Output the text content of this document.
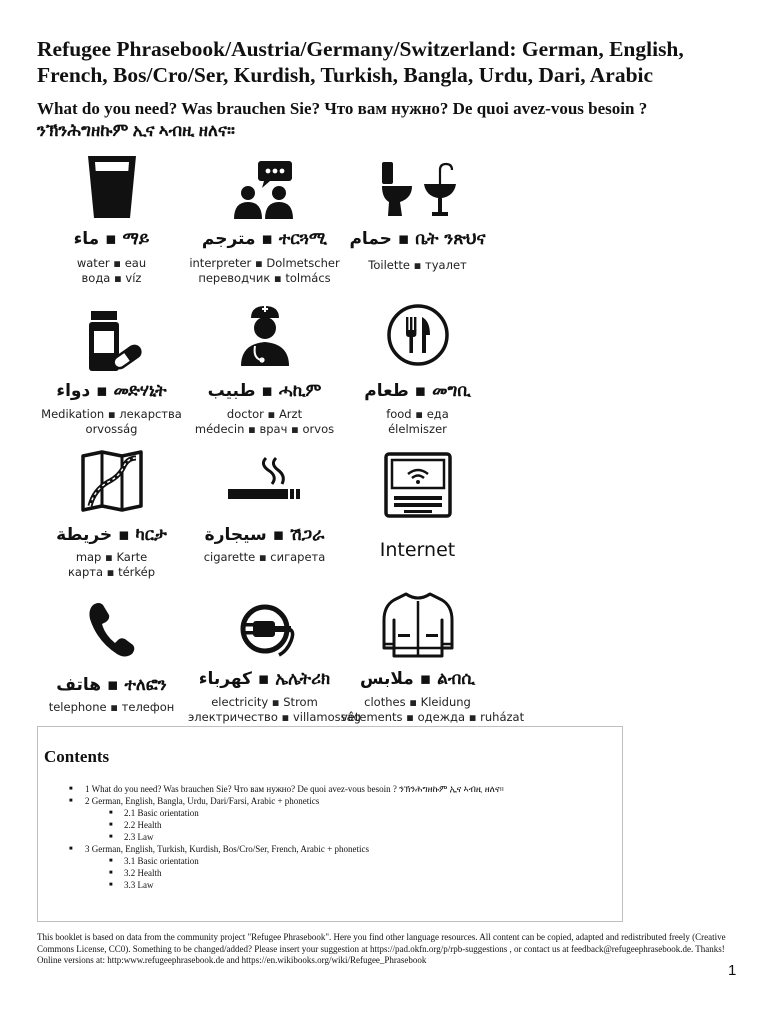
Refugee Phrasebook/Austria/Germany/Switzerland: German, English, French, Bos/Cro/Ser, Kurdish, Turkish, Bangla, Urdu, Dari, Arabic
What do you need? Was brauchen Sie? Что вам нужно? De quoi avez-vous besoin ?
ንኽንሕግዘኩም ኢና ኣብዚ ዘለና።
ماء ▪ ማይ
water ▪ eau
вода ▪ víz
مترجم ▪ ተርጓሚ
interpreter ▪ Dolmetscher
переводчик ▪ tolmács
حمام ▪ ቤት ንጽህና
Toilette ▪ туалет
دواء ▪ መድሃኒት
Medikation ▪ лекарства
orvosság
طبيب ▪ ሓኪም
doctor ▪ Arzt
médecin ▪ врач ▪ orvos
طعام ▪ መግቢ
food ▪ еда
élelmiszer
خريطة ▪ ካርታ
map ▪ Karte
карта ▪ térkép
سيجارة ▪ ሽጋራ
cigarette ▪ сигарета	Internet
هاتف ▪ ተለፎን
telephone ▪ телефон
كهرباء ▪ ኤሌትሪክ
electricity ▪ Strom
электричество ▪ villamosság
ملابس ▪ ልብሲ
clothes ▪ Kleidung
vêtements ▪ одежда ▪ ruházat
Contents
■ 1 What do you need? Was brauchen Sie? Что вам нужно? De quoi avez-vous besoin ? ንኽንሕግዘኩም ኢና ኣብዚ ዘለና።
■ 2 German, English, Bangla, Urdu, Dari/Farsi, Arabic + phonetics
■ 2.1 Basic orientation
■ 2.2 Health
■ 2.3 Law
■ 3 German, English, Turkish, Kurdish, Bos/Cro/Ser, French, Arabic + phonetics
■ 3.1 Basic orientation
■ 3.2 Health
■ 3.3 Law
This booklet is based on data from the community project "Refugee Phrasebook". Here you find other language resources. All content can be copied, adapted and redistributed freely (Creative Commons License, CC0). Something to be changed/added? Please insert your suggestion at https://pad.okfn.org/p/rpb-suggestions , or contact us at feedback@refugeephrasebook.de. Thanks! Online versions at: http:www.refugeephrasebook.de and https://en.wikibooks.org/wiki/Refugee_Phrasebook
1
